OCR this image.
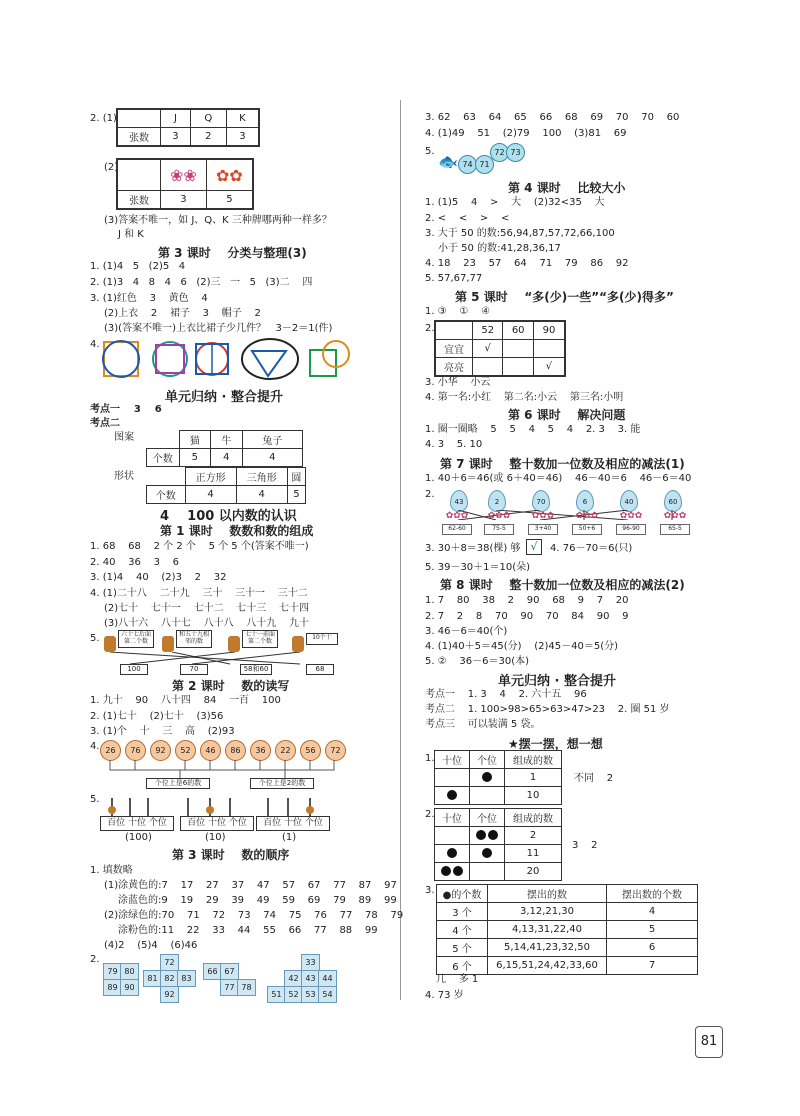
2. (1)
		J	Q	K
张数	3	2	3
(2)
		❀❀	✿✿
张数	3	5
(3)答案不唯一，如 J、Q、K 三种牌哪两种一样多？
J 和 K
第 3 课时    分类与整理(3)
1. (1)4   5   (2)5   4
2. (1)3   4   8   4   6   (2)三   一   5   (3)二    四
3. (1)红色    3    黄色    4
(2)上衣    2    裙子    3    帽子    2
(3)(答案不唯一)上衣比裙子少几件？   3－2＝1(件)
4.
单元归纳 · 整合提升
考点一    3    6
考点二
图案
		猫	牛	兔子
个数	5	4	4
形状
		正方形	三角形	圆
个数	4	4	5
4    100 以内数的认识
第 1 课时    数数和数的组成
1. 68    68    2 个 2 个    5 个 5 个(答案不唯一)
2. 40    36    3    6
3. (1)4    40    (2)3    2    32
4. (1)二十八    二十九    三十    三十一    三十二
(2)七十    七十一    七十二    七十三    七十四
(3)八十六    八十七    八十八    八十九    九十
5.	六十七后面第二个数
和五十九相邻的数
七十一前面第二个数
10个十
100	70	58和60	68
第 2 课时    数的读写
1. 九十    90    八十四    84    一百    100
2. (1)七十    (2)七十    (3)56
3. (1)个    十    三    高    (2)93
4. 26	76	92	52	46	86	36	22	56	72
个位上是6的数	个位上是2的数
5.
百位 十位 个位	百位 十位 个位	百位 十位 个位
(100)	(10)	(1)
第 3 课时    数的顺序
1. 填数略
(1)涂黄色的:7    17    27    37    47    57    67    77    87    97
涂蓝色的:9    19    29    39    49    59    69    79    89    99
(2)涂绿色的:70    71    72    73    74    75    76    77    78    79
涂粉色的:11    22    33    44    55    66    77    88    99
(4)2    (5)4    (6)46
2.
79 80
89 90
72
81 82 83
92
66 67
77 78
33
42 43 44
51 52 53 54
3. 62    63    64    65    66    68    69    70    70    60
4. (1)49    51    (2)79    100    (3)81    69
5.
🐟 74 71
72 73
第 4 课时    比较大小
1. (1)5    4    >    大    (2)32<35    大
2. <    <    >    <
3. 大于 50 的数:56,94,87,57,72,66,100
小于 50 的数:41,28,36,17
4. 18    23    57    64    71    79    86    92
5. 57,67,77
第 5 课时    “多(少)一些”“多(少)得多”
1. ③    ①    ④
2.
		52	60	90
宜宜	√		
亮亮			√
3. 小华    小云
4. 第一名:小红    第二名:小云    第三名:小明
第 6 课时    解决问题
1. 圈一圈略    5    5    4    5    4    2. 3    3. 能
4. 3    5. 10
第 7 课时    整十数加一位数及相应的减法(1)
1. 40＋6＝46(或 6＋40＝46)    46－40＝6    46－6＝40
2.
43	2	70	6	40	60
✿✿✿
62-60
✿✿✿
75-5
✿✿✿
3+40
✿✿✿
50+6
✿✿✿
96-90
✿✿✿
65-5
3. 30＋8＝38(棵) 够 √	4. 76－70＝6(只)
5. 39－30＋1＝10(朵)
第 8 课时    整十数加一位数及相应的减法(2)
1. 7    80    38    2    90    68    9    7    20
2. 7    2    8    70    90    70    84    90    9
3. 46－6＝40(个)
4. (1)40＋5＝45(分)    (2)45－40＝5(分)
5. ②    36－6＝30(本)
单元归纳 · 整合提升
考点一    1. 3    4    2. 六十五    96
考点二    1. 100>98>65>63>47>23    2. 圈 51 岁
考点三    可以装满 5 袋。
★摆一摆，想一想
1. 十位	个位	组成的数
		1
		10
不同    2
2. 十位	个位	组成的数
		2
		11
		20
3    2
3. ●的个数	摆出的数	摆出数的个数
3 个	3,12,21,30	4
4 个	4,13,31,22,40	5
5 个	5,14,41,23,32,50	6
6 个	6,15,51,24,42,33,60	7
几    多 1
4. 73 岁
81
